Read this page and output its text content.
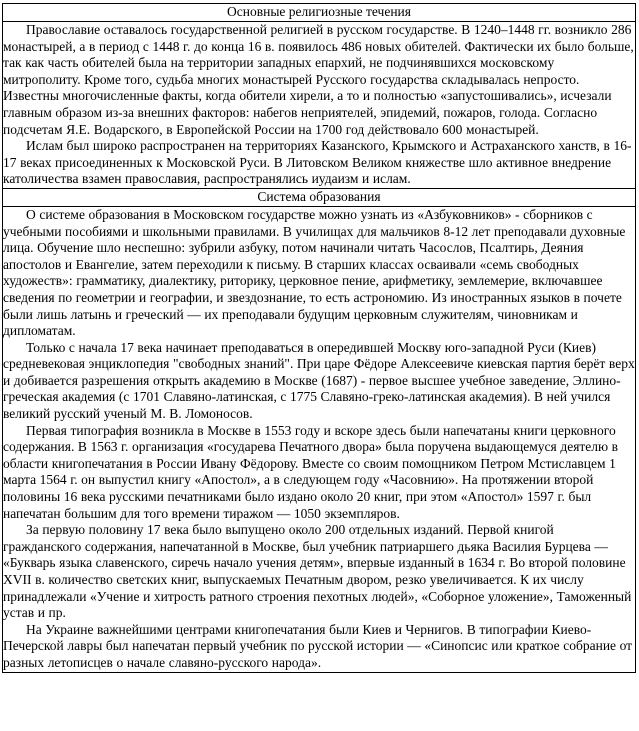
Основные религиозные течения

Православие оставалось государственной религией в русском государстве. В 1240–1448 гг. возникло 286 монастырей, а в период с 1448 г. до конца 16 в. появилось 486 новых обителей. Фактически их было больше, так как часть обителей была на территории западных епархий, не подчинявшихся московскому митрополиту. Кроме того, судьба многих монастырей Русского государства складывалась непросто. Известны многочисленные факты, когда обители хирели, а то и полностью «запустошивались», исчезали главным образом из-за внешних факторов: набегов неприятелей, эпидемий, пожаров, голода. Согласно подсчетам Я.Е. Водарского, в Европейской России на 1700 год действовало 600 монастырей.

Ислам был широко распространен на территориях Казанского, Крымского и Астраханского ханств, в 16-17 веках присоединенных к Московской Руси. В Литовском Великом княжестве шло активное внедрение католичества взамен православия, распространялись иудаизм и ислам.

Система образования

О системе образования в Московском государстве можно узнать из «Азбуковников» - сборников с учебными пособиями и школьными правилами. В училищах для мальчиков 8-12 лет преподавали духовные лица. Обучение шло неспешно: зубрили азбуку, потом начинали читать Часослов, Псалтирь, Деяния апостолов и Евангелие, затем переходили к письму. В старших классах осваивали «семь свободных художеств»: грамматику, диалектику, риторику, церковное пение, арифметику, землемерие, включавшее сведения по геометрии и географии, и звездознание, то есть астрономию. Из иностранных языков в почете были лишь латынь и греческий — их преподавали будущим церковным служителям, чиновникам и дипломатам.

Только с начала 17 века начинает преподаваться в опередившей Москву юго-западной Руси (Киев) средневековая энциклопедия "свободных знаний". При царе Фёдоре Алексеевиче киевская партия берёт верх и добивается разрешения открыть академию в Москве (1687) - первое высшее учебное заведение, Эллино-греческая академия (с 1701 Славяно-латинская, с 1775 Славяно-греко-латинская академия). В ней учился великий русский ученый М. В. Ломоносов.

Первая типография возникла в Москве в 1553 году и вскоре здесь были напечатаны книги церковного содержания. В 1563 г. организация «государева Печатного двора» была поручена выдающемуся деятелю в области книгопечатания в России Ивану Фёдорову. Вместе со своим помощником Петром Мстиславцем 1 марта 1564 г. он выпустил книгу «Апостол», а в следующем году «Часовнию». На протяжении второй половины 16 века русскими печатниками было издано около 20 книг, при этом «Апостол» 1597 г. был напечатан большим для того времени тиражом — 1050 экземпляров.

За первую половину 17 века было выпущено около 200 отдельных изданий. Первой книгой гражданского содержания, напечатанной в Москве, был учебник патриаршего дьяка Василия Бурцева — «Букварь языка славенского, сиречь начало учения детям», впервые изданный в 1634 г. Во второй половине XVII в. количество светских книг, выпускаемых Печатным двором, резко увеличивается. К их числу принадлежали «Учение и хитрость ратного строения пехотных людей», «Соборное уложение», Таможенный устав и пр.

На Украине важнейшими центрами книгопечатания были Киев и Чернигов. В типографии Киево-Печерской лавры был напечатан первый учебник по русской истории — «Синопсис или краткое собрание от разных летописцев о начале славяно-русского народа».
